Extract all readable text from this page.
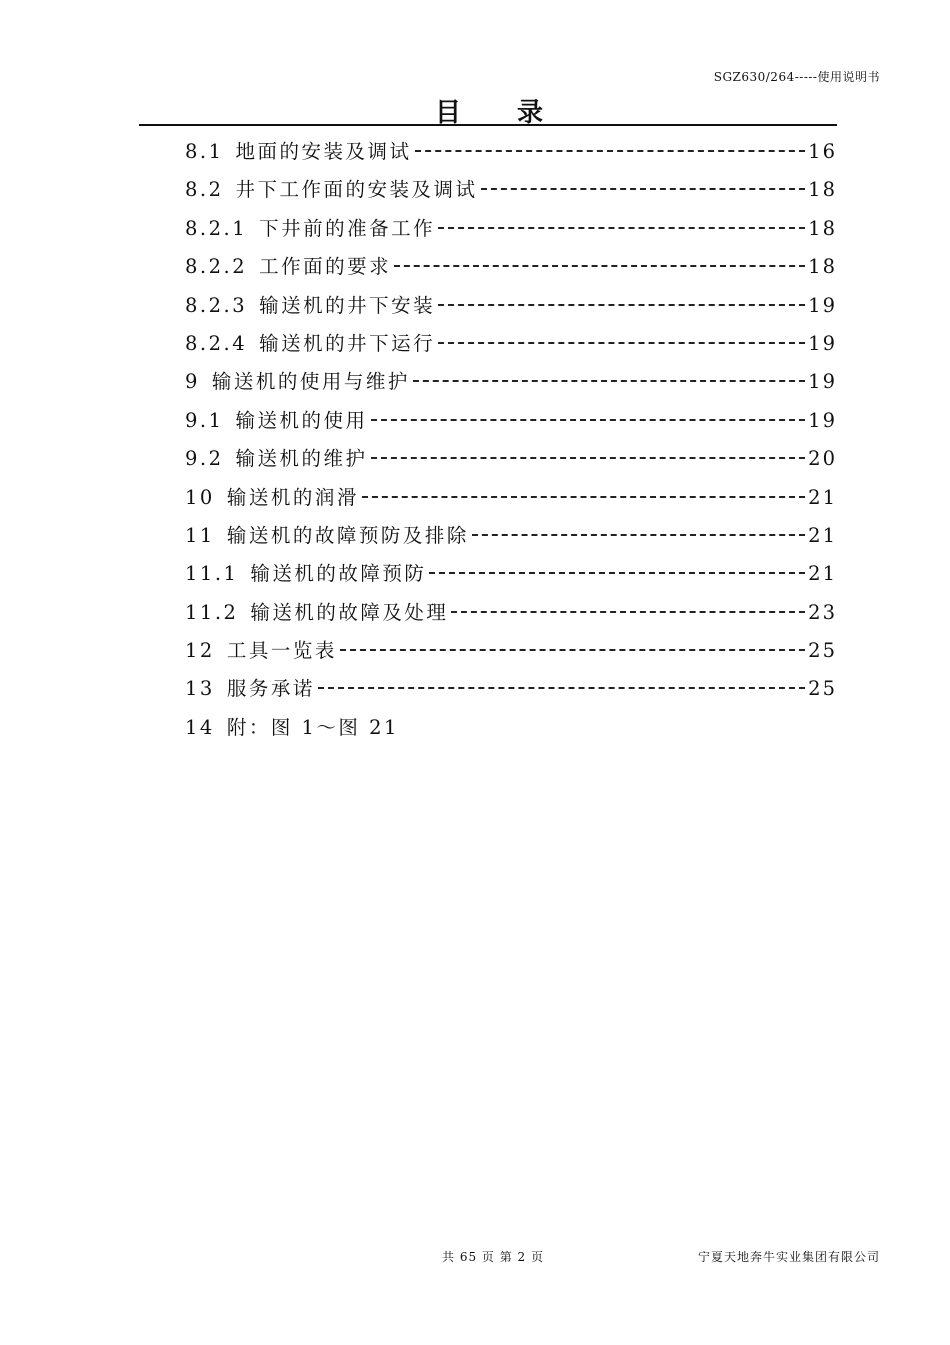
SGZ630/264-----使用说明书
目 录
8.1 地面的安装及调试	16
8.2 井下工作面的安装及调试	18
8.2.1 下井前的准备工作	18
8.2.2 工作面的要求	18
8.2.3 输送机的井下安装	19
8.2.4 输送机的井下运行	19
9 输送机的使用与维护	19
9.1 输送机的使用	19
9.2 输送机的维护	20
10 输送机的润滑	21
11 输送机的故障预防及排除	21
11.1 输送机的故障预防	21
11.2 输送机的故障及处理	23
12 工具一览表	25
13 服务承诺	25
14 附：图 1～图 21
共 65 页 第 2 页	宁夏天地奔牛实业集团有限公司
